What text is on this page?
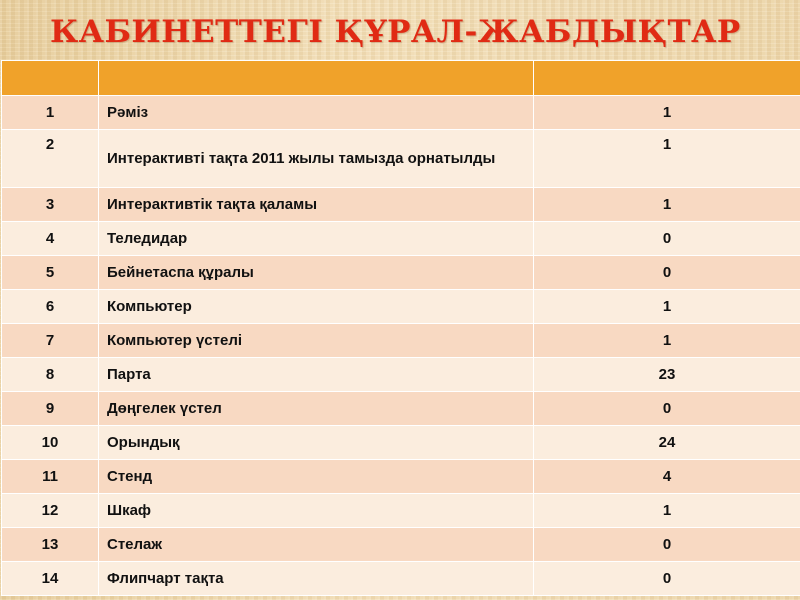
КАБИНЕТТЕГІ ҚҰРАЛ-ЖАБДЫҚТАР

1	Рәміз	1
2	Интерактивті тақта 2011 жылы тамызда орнатылды	1
3	Интерактивтік тақта қаламы	1
4	Теледидар	0
5	Бейнетаспа құралы	0
6	Компьютер	1
7	Компьютер үстелі	1
8	Парта	23
9	Дөңгелек үстел	0
10	Орындық	24
11	Стенд	4
12	Шкаф	1
13	Стелаж	0
14	Флипчарт тақта	0
